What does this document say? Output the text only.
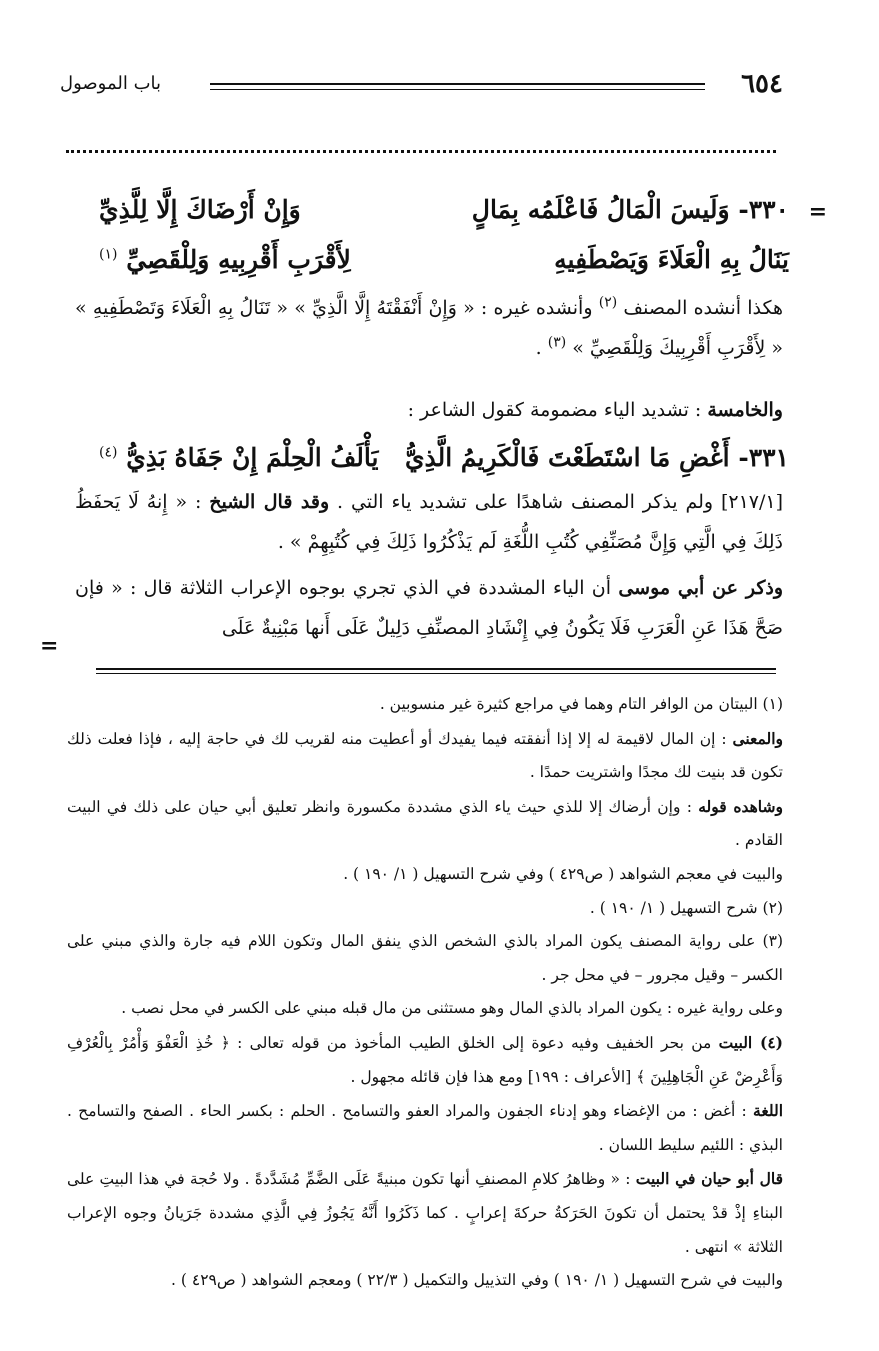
٦٥٤
باب الموصول
=
٣٣٠- وَلَيسَ الْمَالُ فَاعْلَمُه بِمَالٍ
وَإِنْ أَرْضَاكَ إِلَّا لِلَّذِيِّ
يَنَالُ بِهِ الْعَلَاءَ وَيَصْطَفِيهِ
لِأَقْرَبِ أَقْرِبِيهِ وَلِلْقَصِيِّ $^{(١)}$

هكذا أنشده المصنف $^{(٢)}$ وأنشده غيره : « وَإِنْ أَنْفَقْتَهُ إِلَّا الَّذِيِّ » « تَنَالُ بِهِ الْعَلَاءَ وَتَصْطَفِيهِ » « لِأَقْرَبِ أَقْرِبِيكَ وَلِلْقَصِيِّ » $^{(٣)}$ .

والخامسة : تشديد الياء مضمومة كقول الشاعر :

٣٣١- أَغْضِ مَا اسْتَطَعْتَ فَالْكَرِيمُ الَّذِيُّ
يَأْلَفُ الْحِلْمَ إِنْ جَفَاهُ بَذِيُّ $^{(٤)}$

[٢١٧/١] ولم يذكر المصنف شاهدًا على تشديد ياء التي . وقد قال الشيخ : « إِنهُ لَا يَحفَظُ ذَلِكَ فِي الَّتِي وَإِنَّ مُصَنِّفِي كُتُبِ اللُّغَةِ لَم يَذْكُرُوا ذَلِكَ فِي كُتُبِهِمْ » .

وذكر عن أبي موسى أن الياء المشددة في الذي تجري بوجوه الإعراب الثلاثة قال : « فإن صَحَّ هَذَا عَنِ الْعَرَبِ فَلَا يَكُونُ فِي إِنْشَادِ المصنِّفِ دَلِيلٌ عَلَى أَنها مَبْنِيةٌ عَلَى

=

(١) البيتان من الوافر التام وهما في مراجع كثيرة غير منسوبين .

والمعنى : إن المال لاقيمة له إلا إذا أنفقته فيما يفيدك أو أعطيت منه لقريب لك في حاجة إليه ، فإذا فعلت ذلك تكون قد بنيت لك مجدًا واشتريت حمدًا .

وشاهده قوله : وإن أرضاك إلا للذي حيث ياء الذي مشددة مكسورة وانظر تعليق أبي حيان على ذلك في البيت القادم .

والبيت في معجم الشواهد ( ص٤٢٩ ) وفي شرح التسهيل ( ١/ ١٩٠ ) .

(٢) شرح التسهيل ( ١/ ١٩٠ ) .

(٣) على رواية المصنف يكون المراد بالذي الشخص الذي ينفق المال وتكون اللام فيه جارة والذي مبني على الكسر – وقيل مجرور – في محل جر .

وعلى رواية غيره : يكون المراد بالذي المال وهو مستثنى من مال قبله مبني على الكسر في محل نصب .

(٤) البيت من بحر الخفيف وفيه دعوة إلى الخلق الطيب المأخوذ من قوله تعالى : ﴿ خُذِ الْعَفْوَ وَأْمُرْ بِالْعُرْفِ وَأَعْرِضْ عَنِ الْجَاهِلِينَ ﴾ [الأعراف : ١٩٩] ومع هذا فإن قائله مجهول .

اللغة : أغض : من الإغضاء وهو إدناء الجفون والمراد العفو والتسامح . الحلم : بكسر الحاء . الصفح والتسامح . البذي : اللئيم سليط اللسان .

قال أبو حيان في البيت : « وظاهرُ كلامِ المصنفِ أنها تكون مبنيةً عَلَى الضَّمِّ مُشَدَّدةً . ولا حُجة في هذا البيتِ على البناءِ إذْ قدْ يحتمل أن تكونَ الحَرَكةُ حركةَ إعرابٍ . كما ذَكَرُوا أَنَّهُ يَجُوزُ فِي الَّذِي مشددة جَرَيانُ وجوه الإعراب الثلاثة » انتهى .

والبيت في شرح التسهيل ( ١/ ١٩٠ ) وفي التذييل والتكميل ( ٢٢/٣ ) ومعجم الشواهد ( ص٤٢٩ ) .
